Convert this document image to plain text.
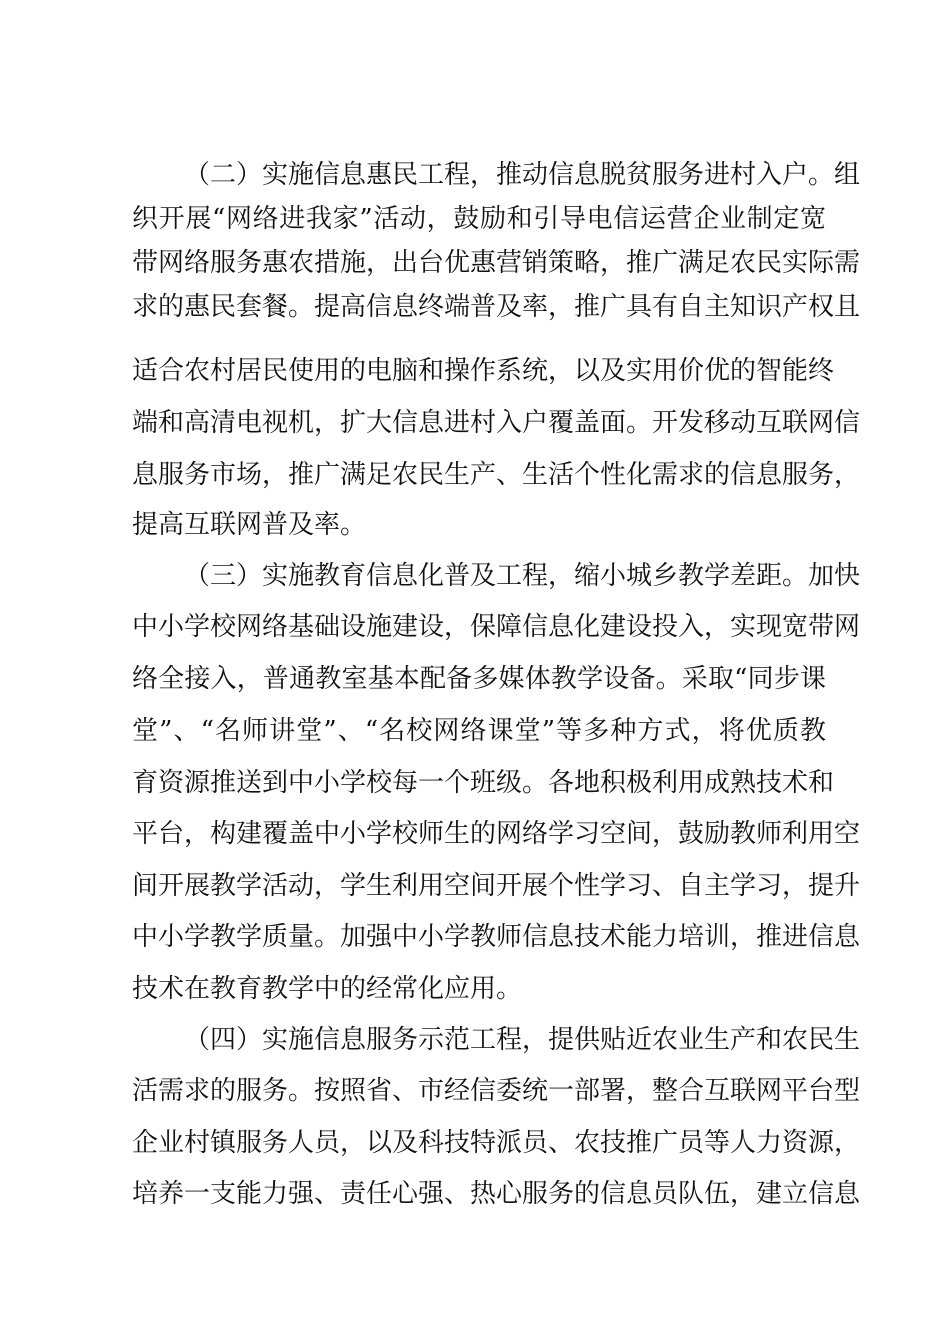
（二）实施信息惠民工程，推动信息脱贫服务进村入户。组

织开展“网络进我家”活动，鼓励和引导电信运营企业制定宽

带网络服务惠农措施，出台优惠营销策略，推广满足农民实际需

求的惠民套餐。提高信息终端普及率，推广具有自主知识产权且

适合农村居民使用的电脑和操作系统，以及实用价优的智能终

端和高清电视机，扩大信息进村入户覆盖面。开发移动互联网信

息服务市场，推广满足农民生产、生活个性化需求的信息服务，

提高互联网普及率。

（三）实施教育信息化普及工程，缩小城乡教学差距。加快

中小学校网络基础设施建设，保障信息化建设投入，实现宽带网

络全接入，普通教室基本配备多媒体教学设备。采取“同步课

堂”、“名师讲堂”、“名校网络课堂”等多种方式，将优质教

育资源推送到中小学校每一个班级。各地积极利用成熟技术和

平台，构建覆盖中小学校师生的网络学习空间，鼓励教师利用空

间开展教学活动，学生利用空间开展个性学习、自主学习，提升

中小学教学质量。加强中小学教师信息技术能力培训，推进信息

技术在教育教学中的经常化应用。

（四）实施信息服务示范工程，提供贴近农业生产和农民生

活需求的服务。按照省、市经信委统一部署，整合互联网平台型

企业村镇服务人员，以及科技特派员、农技推广员等人力资源，

培养一支能力强、责任心强、热心服务的信息员队伍，建立信息
